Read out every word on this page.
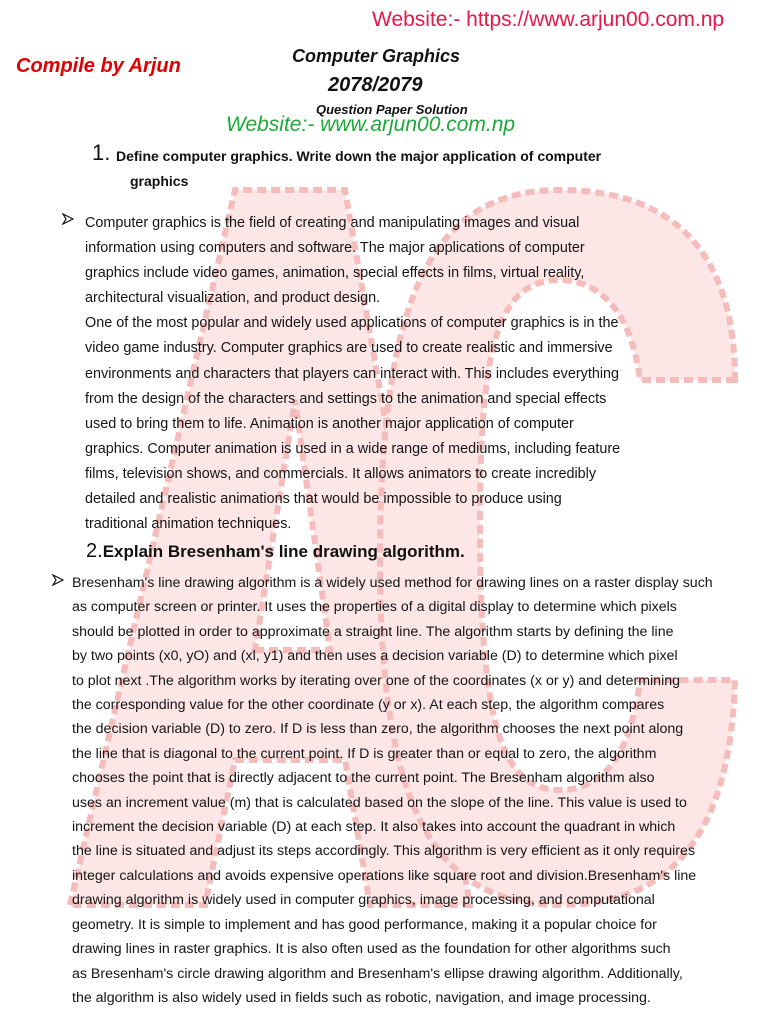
Website:- https://www.arjun00.com.np
Compile by Arjun	Computer Graphics
2078/2079
Question Paper Solution
Website:- www.arjun00.com.np
1. Define computer graphics. Write down the major application of computer
graphics
Computer graphics is the field of creating and manipulating images and visual
information using computers and software. The major applications of computer
graphics include video games, animation, special effects in films, virtual reality,
architectural visualization, and product design.
One of the most popular and widely used applications of computer graphics is in the
video game industry. Computer graphics are used to create realistic and immersive
environments and characters that players can interact with. This includes everything
from the design of the characters and settings to the animation and special effects
used to bring them to life. Animation is another major application of computer
graphics. Computer animation is used in a wide range of mediums, including feature
films, television shows, and commercials. It allows animators to create incredibly
detailed and realistic animations that would be impossible to produce using
traditional animation techniques.
2.Explain Bresenham's line drawing algorithm.
Bresenham's line drawing algorithm is a widely used method for drawing lines on a raster display such
as computer screen or printer. It uses the properties of a digital display to determine which pixels
should be plotted in order to approximate a straight line. The algorithm starts by defining the line
by two points (x0, yO) and (xl, y1) and then uses a decision variable (D) to determine which pixel
to plot next .The algorithm works by iterating over one of the coordinates (x or y) and determining
the corresponding value for the other coordinate (y or x). At each step, the algorithm compares
the decision variable (D) to zero. If D is less than zero, the algorithm chooses the next point along
the line that is diagonal to the current point. If D is greater than or equal to zero, the algorithm
chooses the point that is directly adjacent to the current point. The Bresenham algorithm also
uses an increment value (m) that is calculated based on the slope of the line. This value is used to
increment the decision variable (D) at each step. It also takes into account the quadrant in which
the line is situated and adjust its steps accordingly. This algorithm is very efficient as it only requires
integer calculations and avoids expensive operations like square root and division.Bresenham's line
drawing algorithm is widely used in computer graphics, image processing, and computational
geometry. It is simple to implement and has good performance, making it a popular choice for
drawing lines in raster graphics. It is also often used as the foundation for other algorithms such
as Bresenham's circle drawing algorithm and Bresenham's ellipse drawing algorithm. Additionally,
the algorithm is also widely used in fields such as robotic, navigation, and image processing.
